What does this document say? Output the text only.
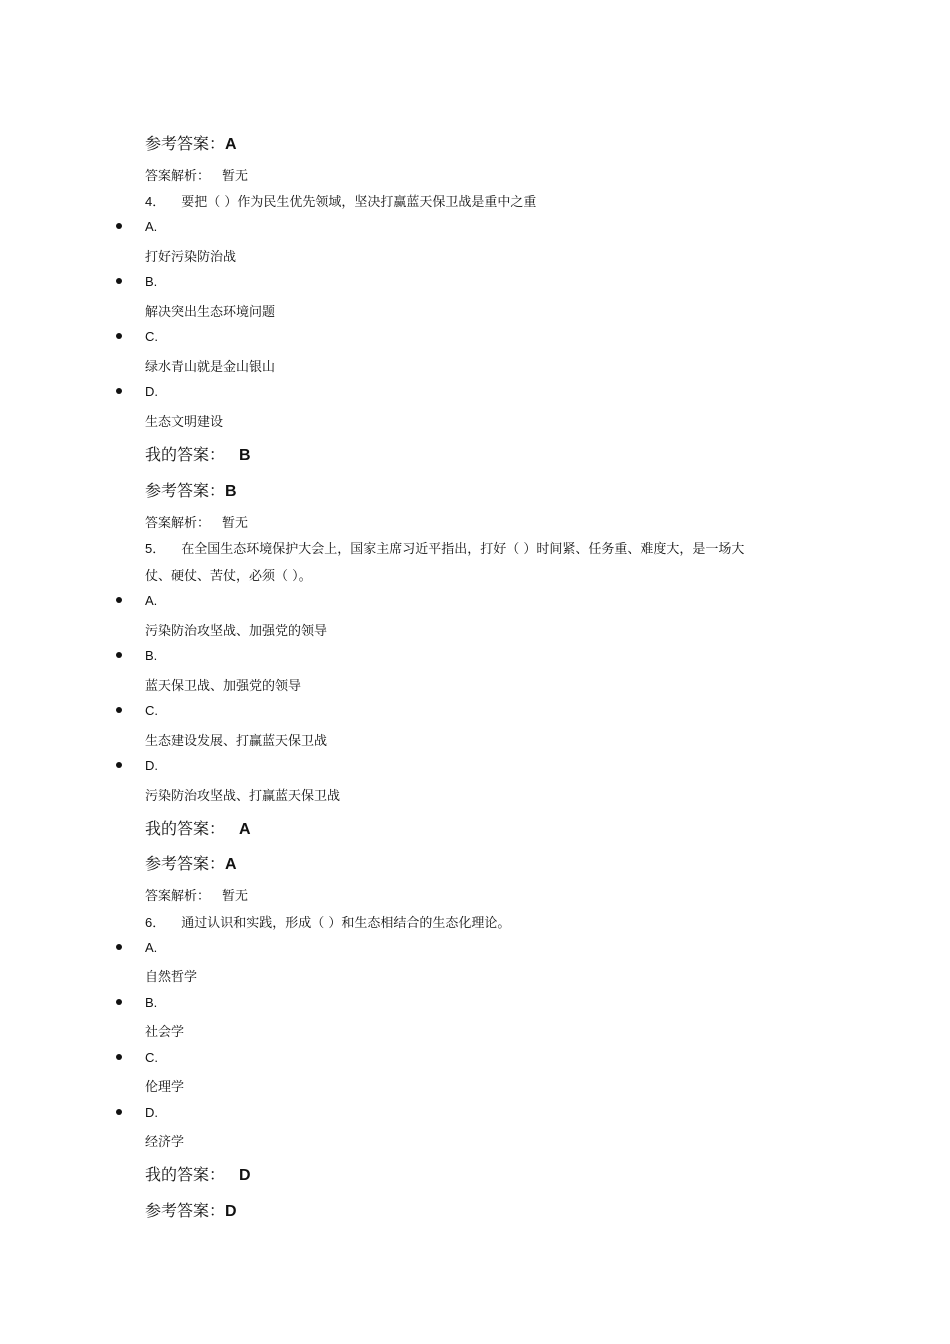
参考答案：A
答案解析： 暂无
4． 要把（ ）作为民生优先领域，坚决打赢蓝天保卫战是重中之重
A.
打好污染防治战
B.
解决突出生态环境问题
C.
绿水青山就是金山银山
D.
生态文明建设
我的答案： B
参考答案：B
答案解析： 暂无
5． 在全国生态环境保护大会上，国家主席习近平指出，打好（ ）时间紧、任务重、难度大，是一场大
仗、硬仗、苦仗，必须（ ）。
A.
污染防治攻坚战、加强党的领导
B.
蓝天保卫战、加强党的领导
C.
生态建设发展、打赢蓝天保卫战
D.
污染防治攻坚战、打赢蓝天保卫战
我的答案： A
参考答案：A
答案解析： 暂无
6． 通过认识和实践，形成（ ）和生态相结合的生态化理论。
A.
自然哲学
B.
社会学
C.
伦理学
D.
经济学
我的答案： D
参考答案：D
